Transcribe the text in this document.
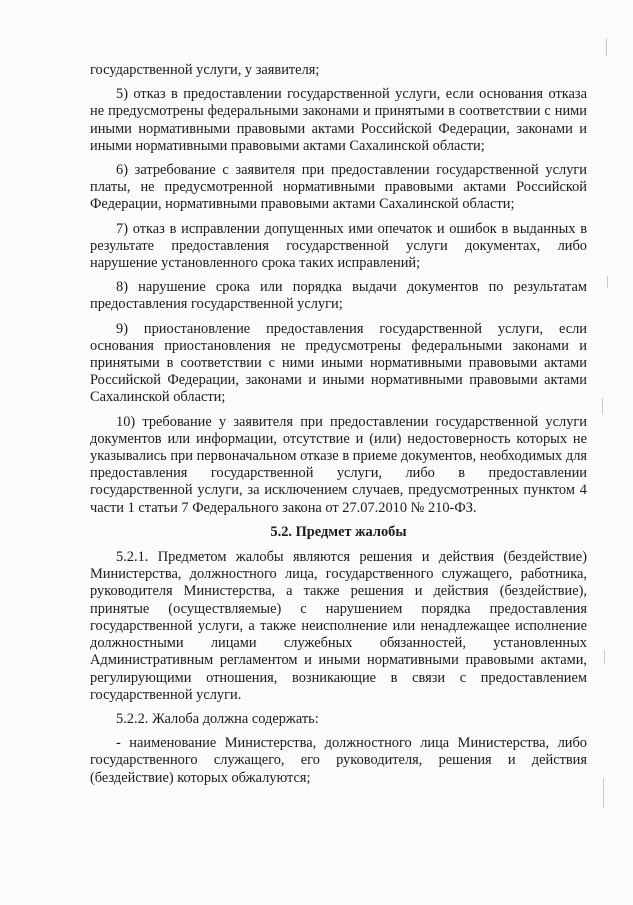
государственной услуги, у заявителя;

5) отказ в предоставлении государственной услуги, если основания отказа не предусмотрены федеральными законами и принятыми в соответствии с ними иными нормативными правовыми актами Российской Федерации, законами и иными нормативными правовыми актами Сахалинской области;

6) затребование с заявителя при предоставлении государственной услуги платы, не предусмотренной нормативными правовыми актами Российской Федерации, нормативными правовыми актами Сахалинской области;

7) отказ в исправлении допущенных ими опечаток и ошибок в выданных в результате предоставления государственной услуги документах, либо нарушение установленного срока таких исправлений;

8) нарушение срока или порядка выдачи документов по результатам предоставления государственной услуги;

9) приостановление предоставления государственной услуги, если основания приостановления не предусмотрены федеральными законами и принятыми в соответствии с ними иными нормативными правовыми актами Российской Федерации, законами и иными нормативными правовыми актами Сахалинской области;

10) требование у заявителя при предоставлении государственной услуги документов или информации, отсутствие и (или) недостоверность которых не указывались при первоначальном отказе в приеме документов, необходимых для предоставления государственной услуги, либо в предоставлении государственной услуги, за исключением случаев, предусмотренных пунктом 4 части 1 статьи 7 Федерального закона от 27.07.2010 № 210-ФЗ.

5.2. Предмет жалобы

5.2.1. Предметом жалобы являются решения и действия (бездействие) Министерства, должностного лица, государственного служащего, работника, руководителя Министерства, а также решения и действия (бездействие), принятые (осуществляемые) с нарушением порядка предоставления государственной услуги, а также неисполнение или ненадлежащее исполнение должностными лицами служебных обязанностей, установленных Административным регламентом и иными нормативными правовыми актами, регулирующими отношения, возникающие в связи с предоставлением государственной услуги.

5.2.2. Жалоба должна содержать:

- наименование Министерства, должностного лица Министерства, либо государственного служащего, его руководителя, решения и действия (бездействие) которых обжалуются;
